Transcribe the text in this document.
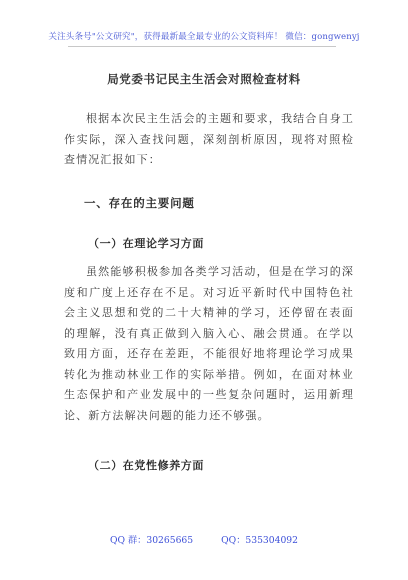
关注头条号"公文研究"，获得最新最全最专业的公文资料库！ 微信：gongwenyj
局党委书记民主生活会对照检查材料

根据本次民主生活会的主题和要求，我结合自身工作实际，深入查找问题，深刻剖析原因，现将对照检查情况汇报如下：

一、存在的主要问题
（一）在理论学习方面

虽然能够积极参加各类学习活动，但是在学习的深度和广度上还存在不足。对习近平新时代中国特色社会主义思想和党的二十大精神的学习，还停留在表面的理解，没有真正做到入脑入心、融会贯通。在学以致用方面，还存在差距，不能很好地将理论学习成果转化为推动林业工作的实际举措。例如，在面对林业生态保护和产业发展中的一些复杂问题时，运用新理论、新方法解决问题的能力还不够强。

（二）在党性修养方面
QQ 群：30265665	QQ：535304092
